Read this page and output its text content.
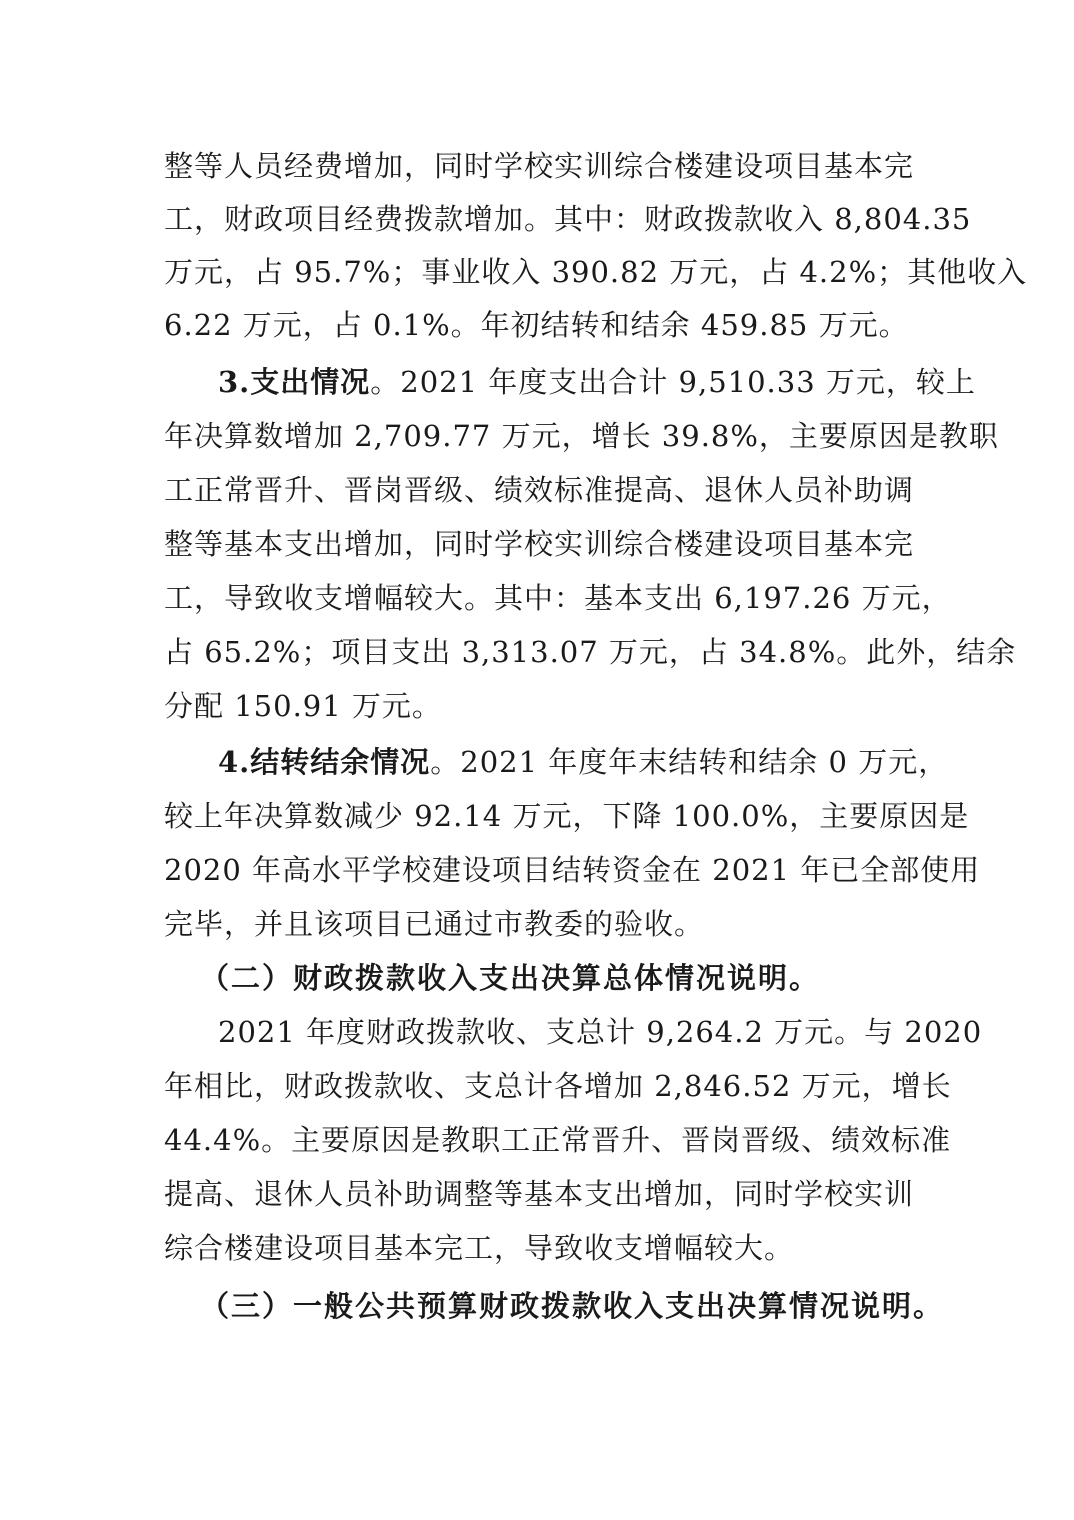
整等人员经费增加，同时学校实训综合楼建设项目基本完
工，财政项目经费拨款增加。其中：财政拨款收入 8,804.35
万元，占 95.7%；事业收入 390.82 万元，占 4.2%；其他收入
6.22 万元，占 0.1%。年初结转和结余 459.85 万元。
3.支出情况。2021 年度支出合计 9,510.33 万元，较上
年决算数增加 2,709.77 万元，增长 39.8%，主要原因是教职
工正常晋升、晋岗晋级、绩效标准提高、退休人员补助调
整等基本支出增加，同时学校实训综合楼建设项目基本完
工，导致收支增幅较大。其中：基本支出 6,197.26 万元，
占 65.2%；项目支出 3,313.07 万元，占 34.8%。此外，结余
分配 150.91 万元。
4.结转结余情况。2021 年度年末结转和结余 0 万元，
较上年决算数减少 92.14 万元，下降 100.0%，主要原因是
2020 年高水平学校建设项目结转资金在 2021 年已全部使用
完毕，并且该项目已通过市教委的验收。
（二）财政拨款收入支出决算总体情况说明。
2021 年度财政拨款收、支总计 9,264.2 万元。与 2020
年相比，财政拨款收、支总计各增加 2,846.52 万元，增长
44.4%。主要原因是教职工正常晋升、晋岗晋级、绩效标准
提高、退休人员补助调整等基本支出增加，同时学校实训
综合楼建设项目基本完工，导致收支增幅较大。
（三）一般公共预算财政拨款收入支出决算情况说明。
